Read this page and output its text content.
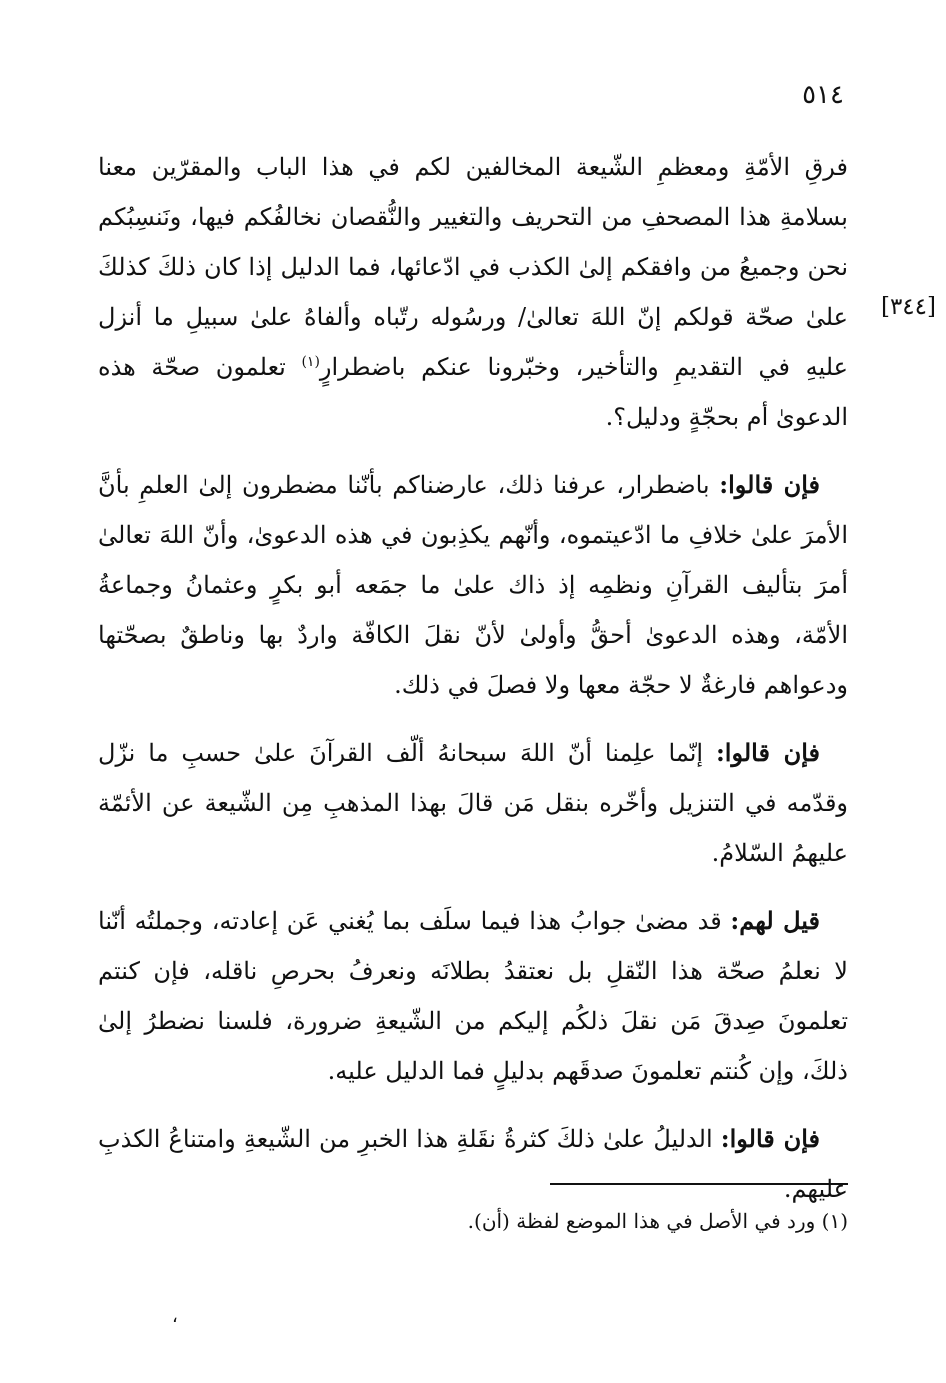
٥١٤
[٣٤٤]

فرقِ الأمّةِ ومعظمِ الشّيعة المخالفين لكم في هذا الباب والمقرّين معنا بسلامةِ هذا المصحفِ من التحريف والتغيير والنُّقصان نخالفُكم فيها، ونَنسِبُكم نحن وجميعُ من وافقكم إلىٰ الكذب في ادّعائها، فما الدليل إذا كان ذلكَ كذلكَ علىٰ صحّة قولكم إنّ اللهَ تعالىٰ/ ورسُوله رتّباه وألفاهُ علىٰ سبيلِ ما أنزل عليهِ في التقديمِ والتأخير، وخبّرونا عنكم باضطرارٍ$^{(١)}$ تعلمون صحّة هذه الدعوىٰ أم بحجّةٍ ودليل؟.

فإن قالوا: باضطرار، عرفنا ذلك، عارضناكم بأنّنا مضطرون إلىٰ العلمِ بأنَّ الأمرَ علىٰ خلافِ ما ادّعيتموه، وأنّهم يكذِبون في هذه الدعوىٰ، وأنّ اللهَ تعالىٰ أمرَ بتأليف القرآنِ ونظمِه إذ ذاك علىٰ ما جمَعه أبو بكرٍ وعثمانُ وجماعةُ الأمّة، وهذه الدعوىٰ أحقُّ وأولىٰ لأنّ نقلَ الكافّة واردٌ بها وناطقٌ بصحّتها ودعواهم فارغةٌ لا حجّة معها ولا فصلَ في ذلك.

فإن قالوا: إنّما علِمنا أنّ اللهَ سبحانهُ ألّف القرآنَ علىٰ حسبِ ما نزّل وقدّمه في التنزيل وأخّره بنقل مَن قالَ بهذا المذهبِ مِن الشّيعة عن الأئمّة عليهمُ السّلامُ.

قيل لهم: قد مضىٰ جوابُ هذا فيما سلَف بما يُغني عَن إعادته، وجملتُه أنّنا لا نعلمُ صحّة هذا النّقلِ بل نعتقدُ بطلانَه ونعرفُ بحرصِ ناقله، فإن كنتم تعلمونَ صِدقَ مَن نقلَ ذلكُم إليكم من الشّيعةِ ضرورة، فلسنا نضطرُ إلىٰ ذلكَ، وإن كُنتم تعلمونَ صدقَهم بدليلٍ فما الدليل عليه.

فإن قالوا: الدليلُ علىٰ ذلكَ كثرةُ نقَلةِ هذا الخبرِ من الشّيعةِ وامتناعُ الكذبِ عليهم.

(١) ورد في الأصل في هذا الموضع لفظة (أن).
،
